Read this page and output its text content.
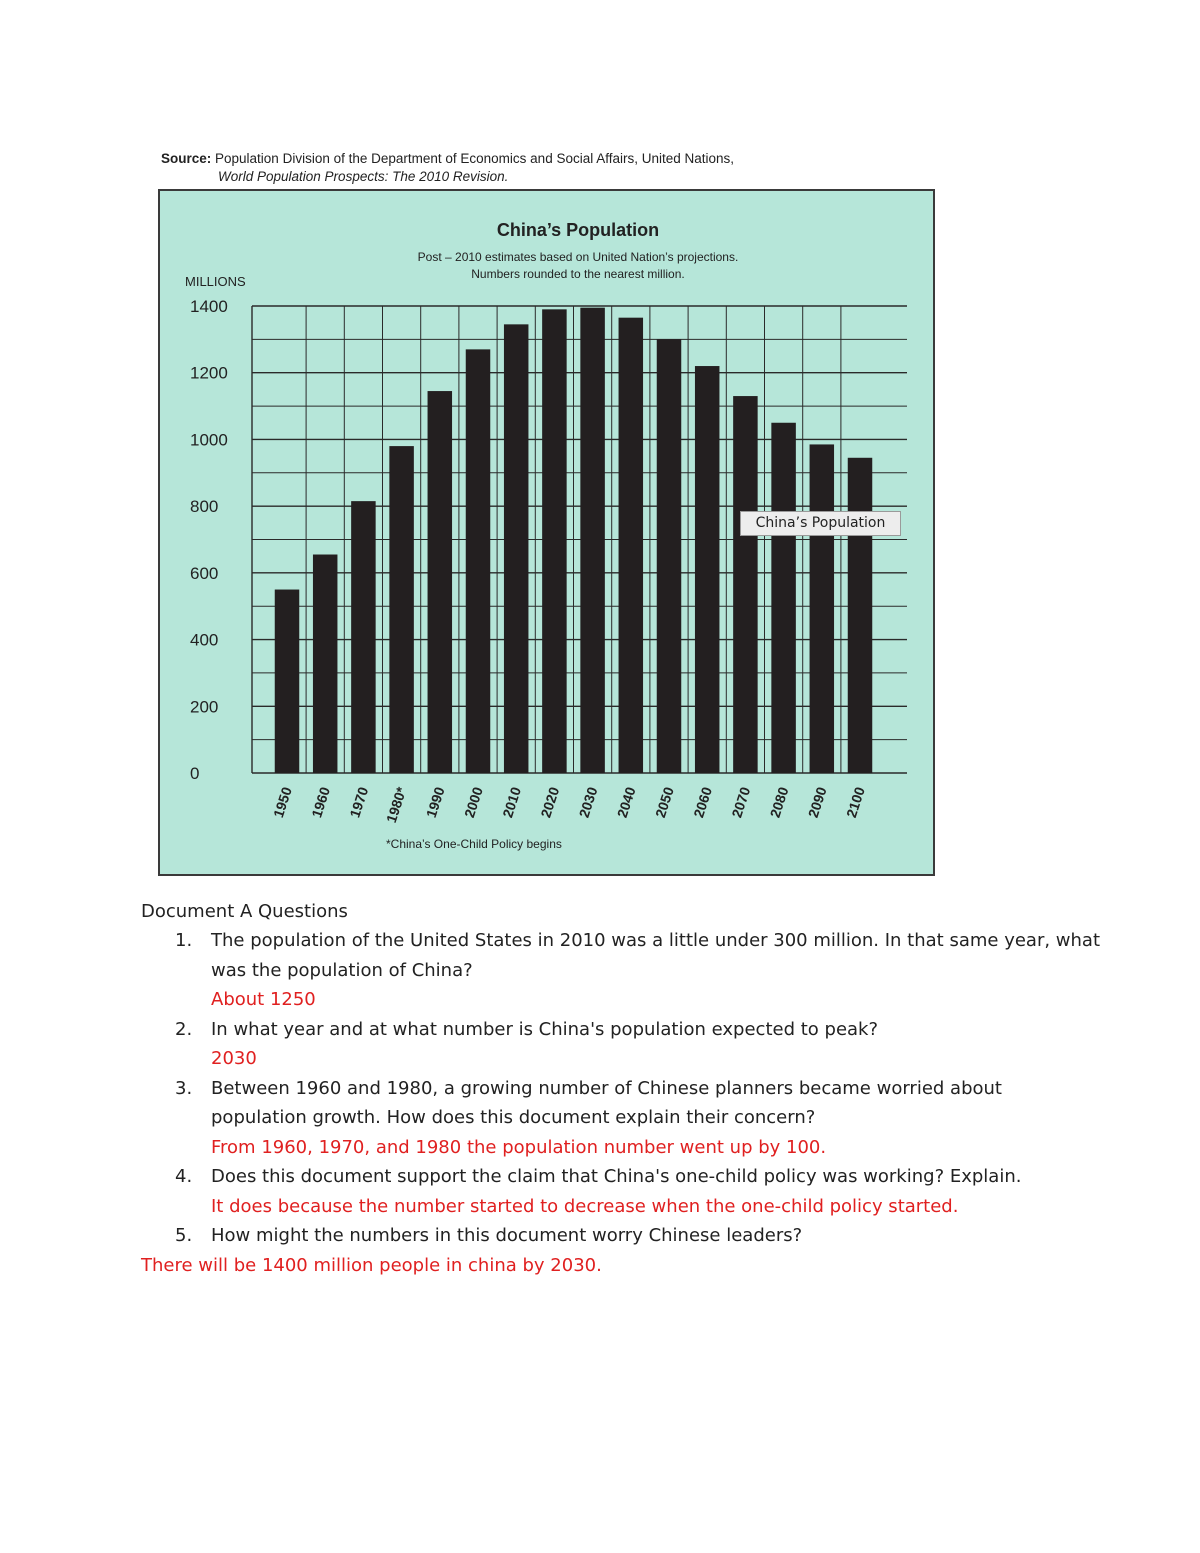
Source: Population Division of the Department of Economics and Social Affairs, United Nations,
World Population Prospects: The 2010 Revision.
China’s Population
Post – 2010 estimates based on United Nation’s projections.
Numbers rounded to the nearest million.
MILLIONS
0
200
400
600
800
1000
1200
1400
1950 1960 1970 1980* 1990 2000 2010 2020 2030 2040 2050 2060 2070 2080 2090 2100
*China’s One-Child Policy begins
China’s Population
Document A Questions
1. The population of the United States in 2010 was a little under 300 million. In that same year, what was the population of China?
About 1250
2. In what year and at what number is China's population expected to peak?
2030
3. Between 1960 and 1980, a growing number of Chinese planners became worried about population growth. How does this document explain their concern?
From 1960, 1970, and 1980 the population number went up by 100.
4. Does this document support the claim that China's one-child policy was working? Explain.
It does because the number started to decrease when the one-child policy started.
5. How might the numbers in this document worry Chinese leaders?
There will be 1400 million people in china by 2030.
